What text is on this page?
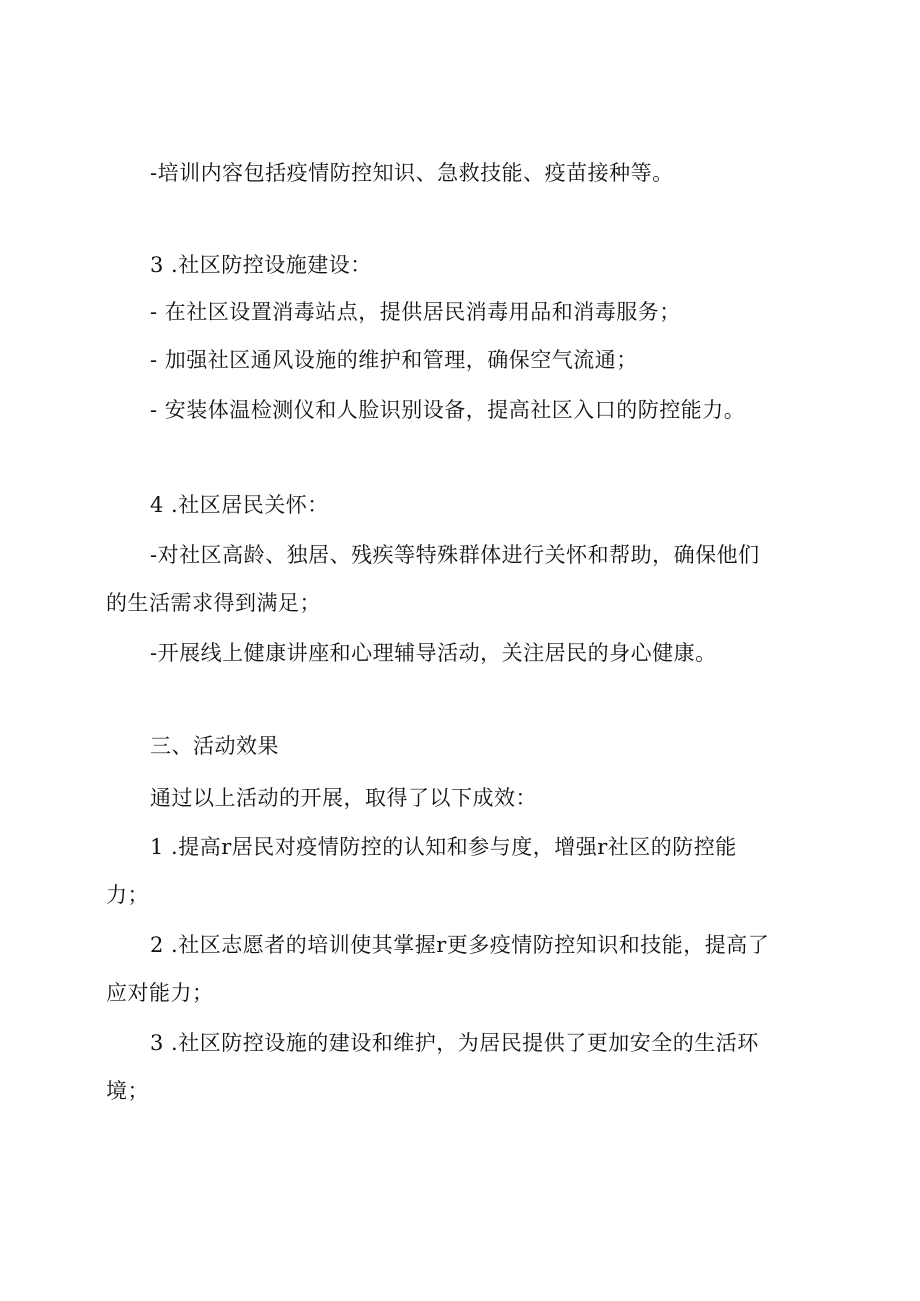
-培训内容包括疫情防控知识、急救技能、疫苗接种等。
3 .社区防控设施建设：
- 在社区设置消毒站点，提供居民消毒用品和消毒服务；
- 加强社区通风设施的维护和管理，确保空气流通；
- 安装体温检测仪和人脸识别设备，提高社区入口的防控能力。
4 .社区居民关怀：
-对社区高龄、独居、残疾等特殊群体进行关怀和帮助，确保他们
的生活需求得到满足；
-开展线上健康讲座和心理辅导活动，关注居民的身心健康。
三、活动效果
通过以上活动的开展，取得了以下成效：
1 .提高r居民对疫情防控的认知和参与度，增强r社区的防控能
力；
2 .社区志愿者的培训使其掌握r更多疫情防控知识和技能，提高了
应对能力；
3 .社区防控设施的建设和维护，为居民提供了更加安全的生活环
境；
